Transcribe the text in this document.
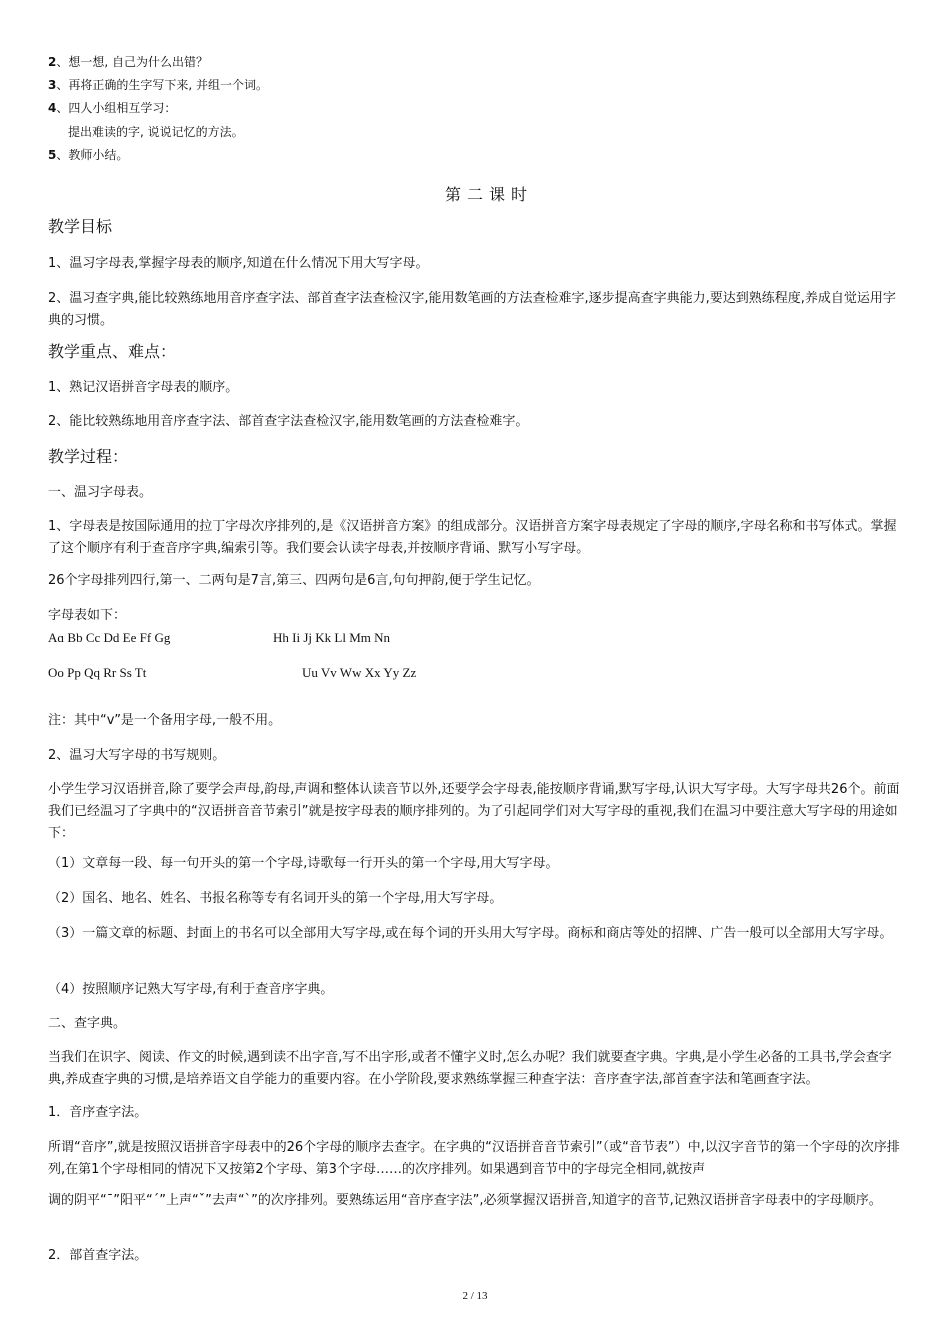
2、想一想, 自己为什么出错？
3、再将正确的生字写下来, 并组一个词。
4、四人小组相互学习：
提出难读的字, 说说记忆的方法。
5、教师小结。
第二课时
教学目标
1、温习字母表,掌握字母表的顺序,知道在什么情况下用大写字母。
2、温习查字典,能比较熟练地用音序查字法、部首查字法查检汉字,能用数笔画的方法查检难字,逐步提高查字典能力,要达到熟练程度,养成自觉运用字典的习惯。
教学重点、难点：
1、熟记汉语拼音字母表的顺序。
2、能比较熟练地用音序查字法、部首查字法查检汉字,能用数笔画的方法查检难字。
教学过程：
一、温习字母表。
1、字母表是按国际通用的拉丁字母次序排列的,是《汉语拼音方案》的组成部分。汉语拼音方案字母表规定了字母的顺序,字母名称和书写体式。掌握了这个顺序有利于查音序字典,编索引等。我们要会认读字母表,并按顺序背诵、默写小写字母。
26个字母排列四行,第一、二两句是7言,第三、四两句是6言,句句押韵,便于学生记忆。
字母表如下：
Aɑ Bb Cc Dd Ee Ff Gg	Hh Ii Jj Kk Ll Mm Nn
Oo Pp Qq Rr Ss Tt	Uu Vv Ww Xx Yy Zz
注：其中“v”是一个备用字母,一般不用。
2、温习大写字母的书写规则。
小学生学习汉语拼音,除了要学会声母,韵母,声调和整体认读音节以外,还要学会字母表,能按顺序背诵,默写字母,认识大写字母。大写字母共26个。前面我们已经温习了字典中的“汉语拼音音节索引”就是按字母表的顺序排列的。为了引起同学们对大写字母的重视,我们在温习中要注意大写字母的用途如下：
（1）文章每一段、每一句开头的第一个字母,诗歌每一行开头的第一个字母,用大写字母。
（2）国名、地名、姓名、书报名称等专有名词开头的第一个字母,用大写字母。
（3）一篇文章的标题、封面上的书名可以全部用大写字母,或在每个词的开头用大写字母。商标和商店等处的招牌、广告一般可以全部用大写字母。
（4）按照顺序记熟大写字母,有利于查音序字典。
二、查字典。
当我们在识字、阅读、作文的时候,遇到读不出字音,写不出字形,或者不懂字义时,怎么办呢？我们就要查字典。字典,是小学生必备的工具书,学会查字典,养成查字典的习惯,是培养语文自学能力的重要内容。在小学阶段,要求熟练掌握三种查字法：音序查字法,部首查字法和笔画查字法。
1．音序查字法。
所谓“音序”,就是按照汉语拼音字母表中的26个字母的顺序去查字。在字典的“汉语拼音音节索引”（或“音节表”）中,以汉字音节的第一个字母的次序排列,在第1个字母相同的情况下又按第2个字母、第3个字母……的次序排列。如果遇到音节中的字母完全相同,就按声
调的阴平“ˉ”阳平“ˊ”上声“ˇ”去声“ˋ”的次序排列。要熟练运用“音序查字法”,必须掌握汉语拼音,知道字的音节,记熟汉语拼音字母表中的字母顺序。
2．部首查字法。
2 / 13
